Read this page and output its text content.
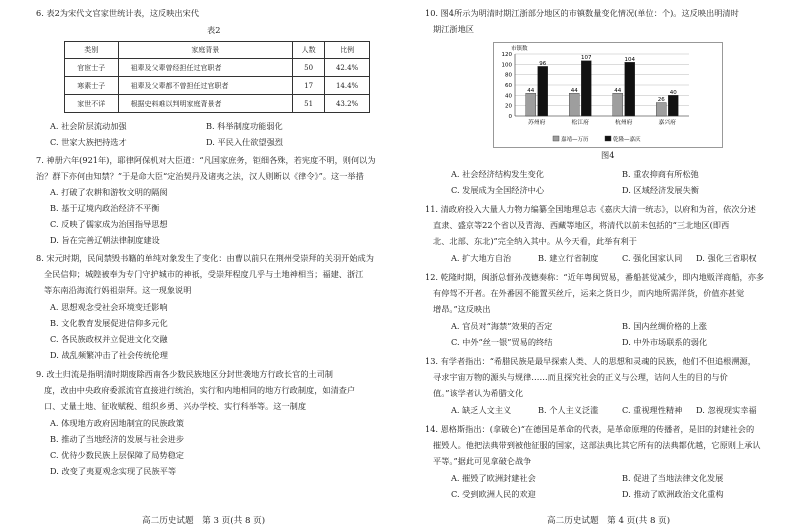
6. 表2为宋代文官家世统计表，这反映出宋代
表2
类别	家庭背景	人数	比例
官宦士子	祖辈及父辈曾经担任过官职者	50	42.4%
寒素士子	祖辈及父辈都不曾担任过官职者	17	14.4%
家世不详	根据史料难以判明家庭背景者	51	43.2%
A. 社会阶层流动加强	B. 科举制度功能弱化
C. 世家大族把持选才	D. 平民入仕欲望强烈
7. 神册六年(921年)，耶律阿保机对大臣道：“凡国家庶务，钜细各殊，若宪度不明，则何以为
治？群下亦何由知禁？”于是命大臣“定治契丹及诸夷之法，汉人则断以《律令》”。这一举措
A. 打破了农耕和游牧文明的隔阂
B. 基于辽境内政治经济不平衡
C. 反映了儒家成为治国指导思想
D. 旨在完善辽朝法律制度建设
8. 宋元时期，民间禁毁书籍的单纯对象发生了变化：由曹以前只在荆州受崇拜的关羽开始成为
全民信仰；城隍被奉为专门守护城市的神祇，受崇拜程度几乎与土地神相当；福建、浙江
等东南沿海流行妈祖崇拜。这一现象说明
A. 思想观念受社会环境变迁影响
B. 文化教育发展促进信仰多元化
C. 各民族政权并立促进文化交融
D. 战乱频繁冲击了社会传统伦理
9. 改土归流是指明清时期废除西南各少数民族地区分封世袭地方行政长官的土司制
度，改由中央政府委派流官直接进行统治，实行和内地相同的地方行政制度，如清查户
口、丈量土地、征收赋税、组织乡勇、兴办学校、实行科举等。这一制度
A. 体现地方政府因地制宜的民族政策
B. 推动了当地经济的发展与社会进步
C. 优待少数民族上层保障了局势稳定
D. 改变了夷夏观念实现了民族平等
高二历史试题　第 3 页(共 8 页)
10. 图4所示为明清时期江浙部分地区的市镇数量变化情况(单位：个)。这反映出明清时
期江浙地区
市镇数
0
20
40
60
80
100
120
44
96
苏州府
44
107
松江府
44
104
杭州府
26
40
嘉兴府
嘉靖—万历	乾隆—嘉庆
图4
A. 社会经济结构发生变化	B. 重农抑商有所松弛
C. 发展成为全国经济中心	D. 区域经济发展失衡
11. 清政府投入大量人力物力编纂全国地理总志《嘉庆大清一统志》，以府和为首，依次分述
直隶、盛京等22个省以及青海、西藏等地区，将清代以前未包括的“三北地区(即西
北、北部、东北)”完全纳入其中。从今天看，此举有利于
A. 扩大地方自治	B. 建立行省制度	C. 强化国家认同 D. 强化三省职权
12. 乾隆时期，闽浙总督孙茂德奏称：“近年粤闽贸易，番船甚觉减少，即内地贩洋商船，亦多
有停驾不开者。在外番因不能置买丝斤，运来之货日少，而内地所需洋货，价值亦甚觉
增昂。”这反映出
A. 官员对“海禁”效果的否定	B. 国内丝绸价格的上涨
C. 中外“丝一银”贸易的终结	D. 中外市场联系的弱化
13. 有学者指出：“希腊民族是最早探索人类、人的思想和灵魂的民族，他们不但追根溯源，
寻求宇宙万物的源头与规律……而且探究社会的正义与公理，诘问人生的目的与价
值。”该学者认为希腊文化
A. 缺乏人文主义	B. 个人主义泛滥	C. 重视理性精神 D. 忽视现实幸福
14. 恩格斯指出：(拿破仑)“在德国是革命的代表，是革命原理的传播者，是旧的封建社会的
摧毁人。他把法典带到被他征服的国家，这部法典比其它所有的法典都优越，它原则上承认
平等。”据此可见拿破仑战争
A. 摧毁了欧洲封建社会	B. 促进了当地法律文化发展
C. 受到欧洲人民的欢迎	D. 推动了欧洲政治文化重构
高二历史试题　第 4 页(共 8 页)
